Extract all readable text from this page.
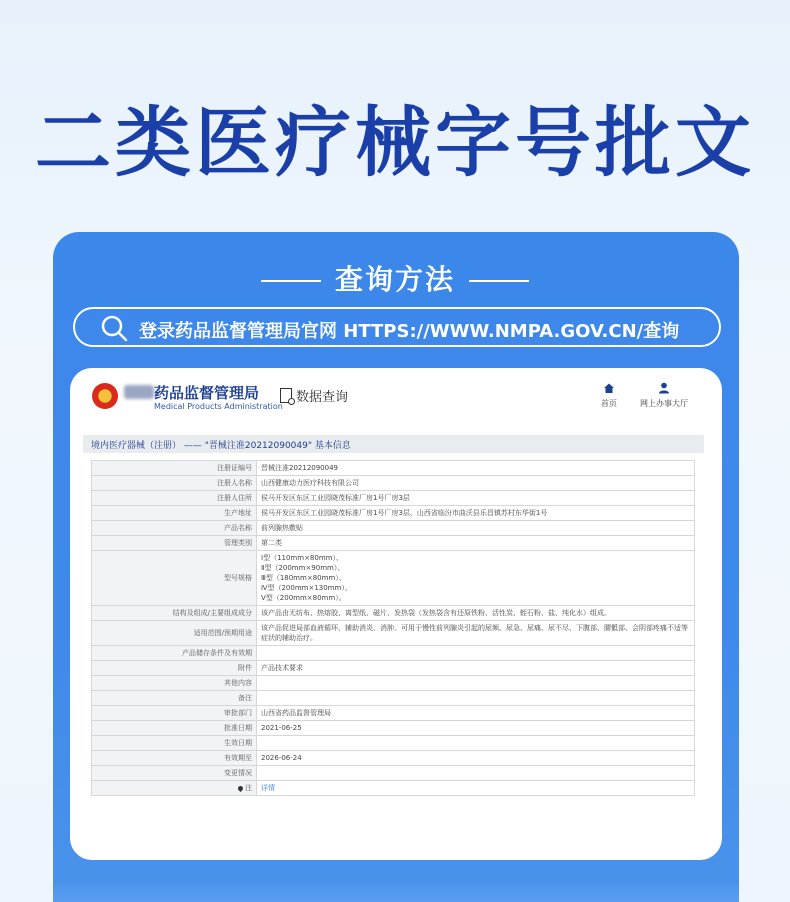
二类医疗械字号批文
查询方法
登录药品监督管理局官网 HTTPS://WWW.NMPA.GOV.CN/查询
药品监督管理局
Medical Products Administration
数据查询	首页	网上办事大厅
境内医疗器械（注册） —— "晋械注准20212090049" 基本信息
注册证编号	晋械注准20212090049
注册人名称	山西健康动力医疗科技有限公司
注册人住所	侯马开发区东区工业园晓茂标准厂房1号厂房3层
生产地址	侯马开发区东区工业园晓茂标准厂房1号厂房3层、山西省临汾市曲沃县乐昌镇苏村东华街1号
产品名称	前列腺热敷贴
管理类别	第二类
型号规格	Ⅰ型（110mm×80mm）、
Ⅱ型（200mm×90mm）、
Ⅲ型（180mm×80mm）、
Ⅳ型（200mm×130mm）、
Ⅴ型（200mm×80mm）。

结构及组成/主要组成成分	该产品由无纺布、热熔胶、离型纸、磁片、发热袋（发热袋含有还原铁粉、活性炭、蛭石粉、盐、纯化水）组成。
适用范围/预期用途	该产品促进局部血液循环，辅助消炎、消肿。可用于慢性前列腺炎引起的尿频、尿急、尿痛、尿不尽、下腹部、腰骶部、会阴部疼痛不适等症状的辅助治疗。
产品储存条件及有效期	
附件	产品技术要求
其他内容	
备注	
审批部门	山西省药品监督管理局
批准日期	2021-06-25
生效日期	
有效期至	2026-06-24
变更情况	
注	详情
